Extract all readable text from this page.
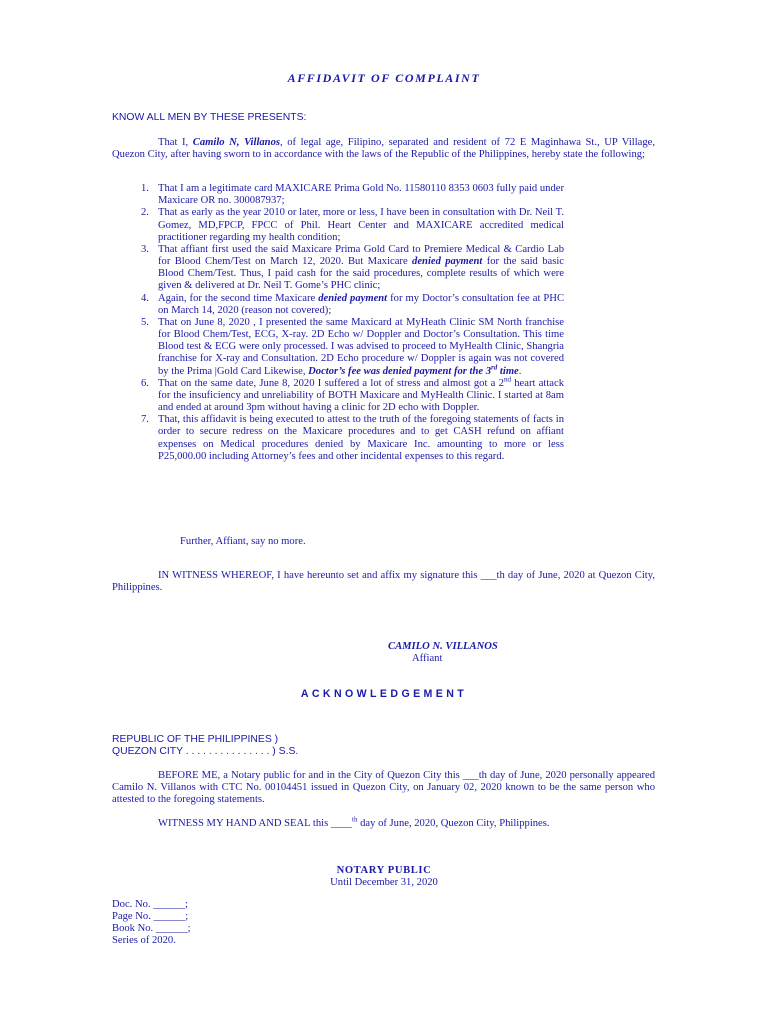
AFFIDAVIT OF COMPLAINT
KNOW ALL MEN BY THESE PRESENTS:

That I, Camilo N, Villanos, of legal age, Filipino, separated and resident of 72 E Maginhawa St., UP Village, Quezon City, after having sworn to in accordance with the laws of the Republic of the Philippines, hereby state the following;

1. That I am a legitimate card MAXICARE Prima Gold No. 11580110 8353 0603 fully paid under Maxicare OR no. 300087937;
2. That as early as the year 2010 or later, more or less, I have been in consultation with Dr. Neil T. Gomez, MD,FPCP, FPCC of Phil. Heart Center and MAXICARE accredited medical practitioner regarding my health condition;
3. That affiant first used the said Maxicare Prima Gold Card to Premiere Medical & Cardio Lab for Blood Chem/Test on March 12, 2020. But Maxicare denied payment for the said basic Blood Chem/Test. Thus, I paid cash for the said procedures, complete results of which were given & delivered at Dr. Neil T. Gome’s PHC clinic;
4. Again, for the second time Maxicare denied payment for my Doctor’s consultation fee at PHC on March 14, 2020 (reason not covered);
5. That on June 8, 2020 , I presented the same Maxicard at MyHeath Clinic SM North franchise for Blood Chem/Test, ECG, X-ray. 2D Echo w/ Doppler and Doctor’s Consultation. This time Blood test & ECG were only processed. I was advised to proceed to MyHealth Clinic, Shangria franchise for X-ray and Consultation. 2D Echo procedure w/ Doppler is again was not covered by the Prima |Gold Card Likewise, Doctor’s fee was denied payment for the 3rd time.
6. That on the same date, June 8, 2020 I suffered a lot of stress and almost got a 2nd heart attack for the insuficiency and unreliability of BOTH Maxicare and MyHealth Clinic. I started at 8am and ended at around 3pm without having a clinic for 2D echo with Doppler.
7. That, this affidavit is being executed to attest to the truth of the foregoing statements of facts in order to secure redress on the Maxicare procedures and to get CASH refund on affiant expenses on Medical procedures denied by Maxicare Inc. amounting to more or less P25,000.00 including Attorney’s fees and other incidental expenses to this regard.
Further, Affiant, say no more.
IN WITNESS WHEREOF, I have hereunto set and affix my signature this ___th day of June, 2020 at Quezon City, Philippines.
CAMILO N. VILLANOS
Affiant
ACKNOWLEDGEMENT
REPUBLIC OF THE PHILIPPINES )
QUEZON CITY . . . . . . . . . . . . . . . ) S.S.
BEFORE ME, a Notary public for and in the City of Quezon City this ___th day of June, 2020 personally appeared Camilo N. Villanos with CTC No. 00104451 issued in Quezon City, on January 02, 2020 known to be the same person who attested to the foregoing statements.
WITNESS MY HAND AND SEAL this ____$^{th}$ day of June, 2020, Quezon City, Philippines.
NOTARY PUBLIC
Until December 31, 2020
Doc. No. ______;
Page No. ______;
Book No. ______;
Series of 2020.
